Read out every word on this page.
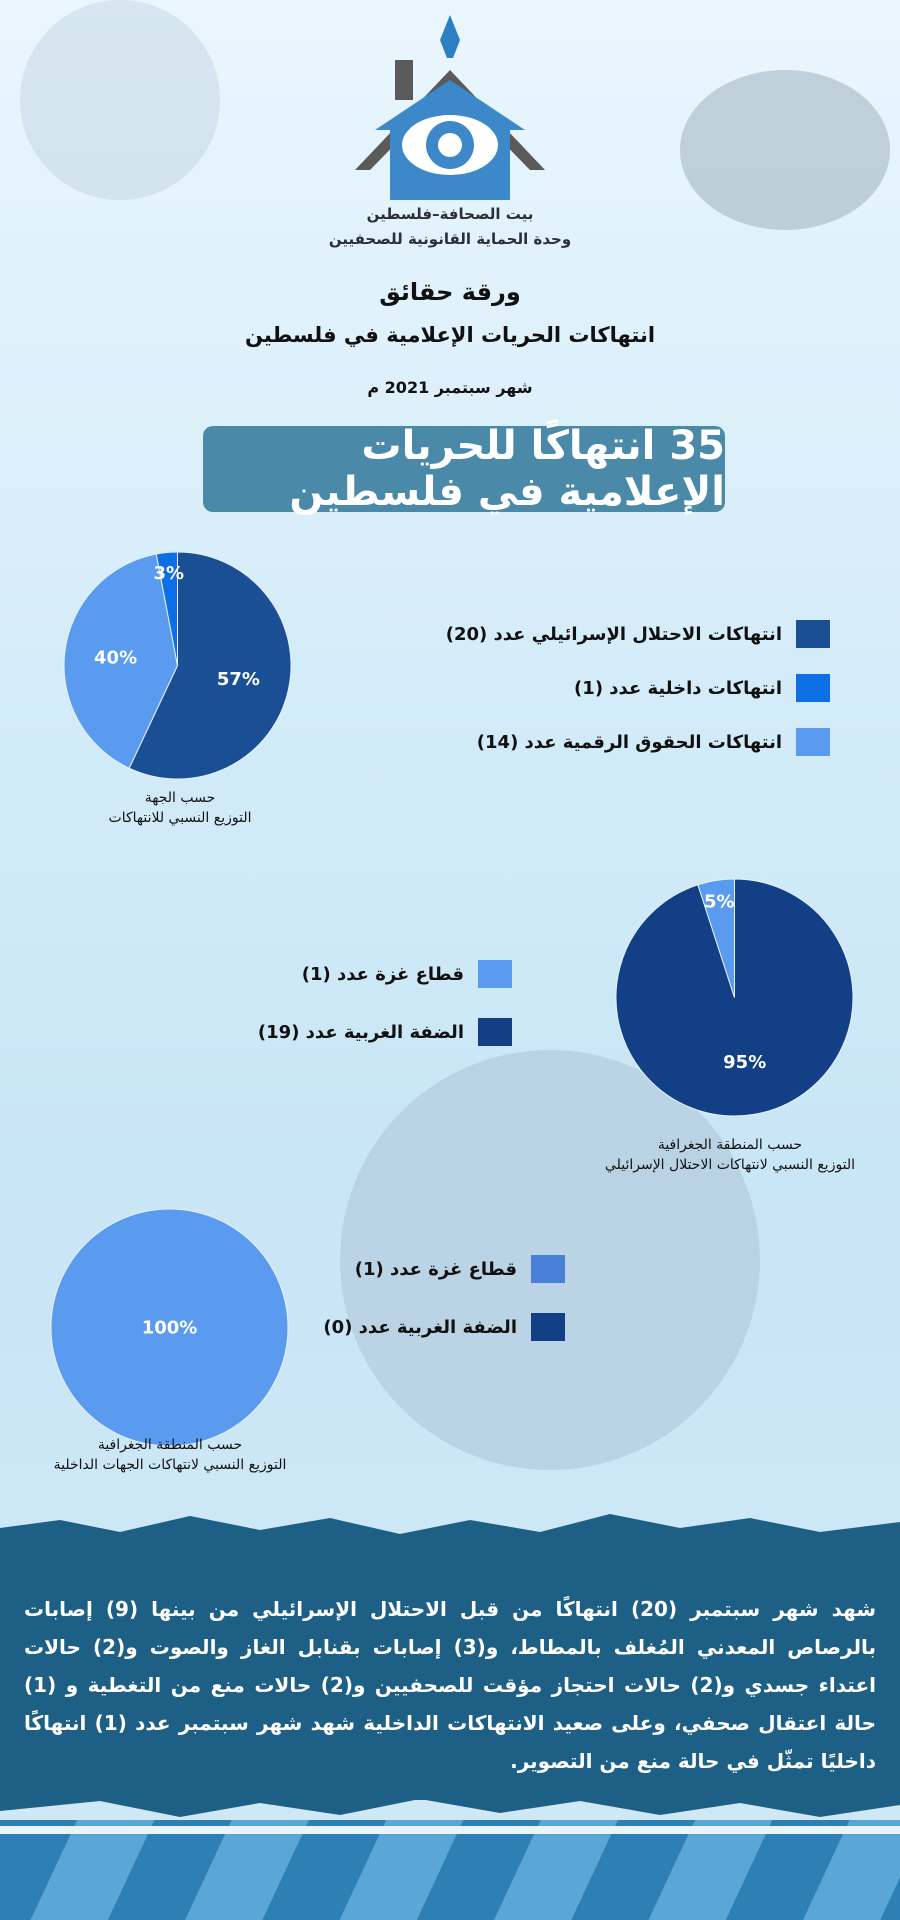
بيت الصحافة–فلسطين
وحدة الحماية القانونية للصحفيين
ورقة حقائق
انتهاكات الحريات الإعلامية في فلسطين
شهر سبتمبر 2021 م
35 انتهاكًا للحريات الإعلامية في فلسطين
57%
40%
3%
حسب الجهة
التوزيع النسبي للانتهاكات
انتهاكات الاحتلال الإسرائيلي عدد (20)
انتهاكات داخلية عدد (1)
انتهاكات الحقوق الرقمية عدد (14)
95%
5%
حسب المنطقة الجغرافية
التوزيع النسبي لانتهاكات الاحتلال الإسرائيلي
قطاع غزة عدد (1)
الضفة الغربية عدد (19)
100%
حسب المنطقة الجغرافية
التوزيع النسبي لانتهاكات الجهات الداخلية
قطاع غزة عدد (1)
الضفة الغربية عدد (0)
شهد شهر سبتمبر (20) انتهاكًا من قبل الاحتلال الإسرائيلي من بينها (9) إصابات بالرصاص المعدني المُغلف بالمطاط، و(3) إصابات بقنابل الغاز والصوت و(2) حالات اعتداء جسدي و(2) حالات احتجاز مؤقت للصحفيين و(2) حالات منع من التغطية و (1) حالة اعتقال صحفي، وعلى صعيد الانتهاكات الداخلية شهد شهر سبتمبر عدد (1) انتهاكًا داخليًا تمثّل في حالة منع من التصوير.
